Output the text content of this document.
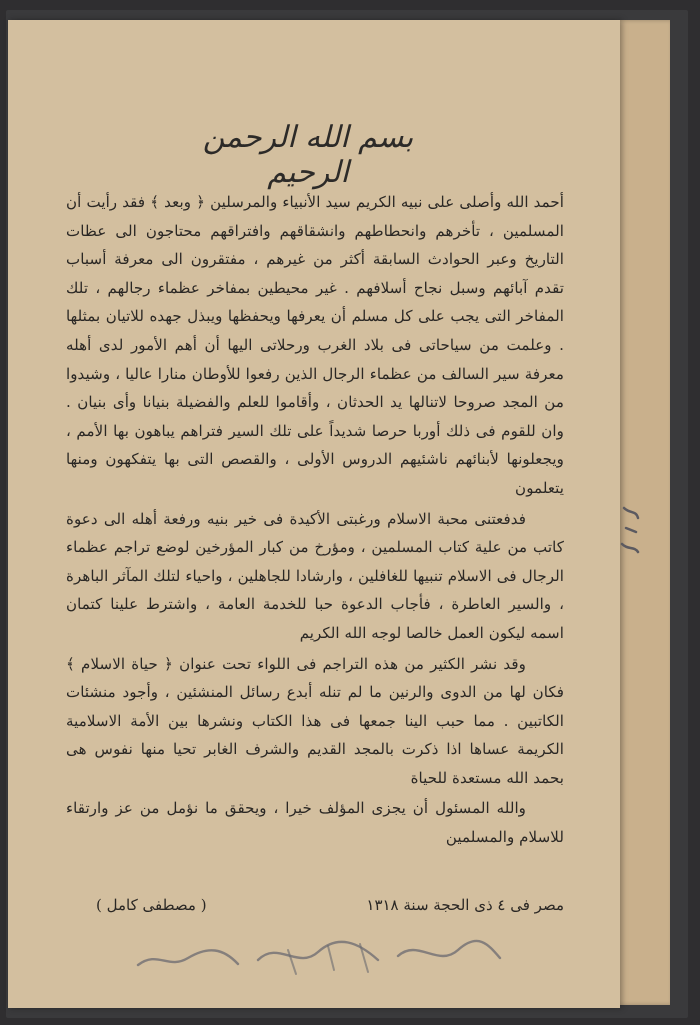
بسم الله الرحمن الرحيم

أحمد الله وأصلى على نبيه الكريم سيد الأنبياء والمرسلين ﴿ وبعد ﴾ فقد رأيت أن المسلمين ، تأخرهم وانحطاطهم وانشقاقهم وافتراقهم محتاجون الى عظات التاريخ وعبر الحوادث السابقة أكثر من غيرهم ، مفتقرون الى معرفة أسباب تقدم آبائهم وسبل نجاح أسلافهم . غير محيطين بمفاخر عظماء رجالهم ، تلك المفاخر التى يجب على كل مسلم أن يعرفها ويحفظها ويبذل جهده للاتيان بمثلها . وعلمت من سياحاتى فى بلاد الغرب ورحلاتى اليها أن أهم الأمور لدى أهله معرفة سير السالف من عظماء الرجال الذين رفعوا للأوطان منارا عاليا ، وشيدوا من المجد صروحا لاتنالها يد الحدثان ، وأقاموا للعلم والفضيلة بنيانا وأى بنيان . وان للقوم فى ذلك أوربا حرصا شديداً على تلك السير فتراهم يباهون بها الأمم ، ويجعلونها لأبنائهم ناشئيهم الدروس الأولى ، والقصص التى بها يتفكهون ومنها يتعلمون

فدفعتنى محبة الاسلام ورغبتى الأكيدة فى خير بنيه ورفعة أهله الى دعوة كاتب من علية كتاب المسلمين ، ومؤرخ من كبار المؤرخين لوضع تراجم عظماء الرجال فى الاسلام تنبيها للغافلين ، وارشادا للجاهلين ، واحياء لتلك المآثر الباهرة ، والسير العاطرة ، فأجاب الدعوة حبا للخدمة العامة ، واشترط علينا كتمان اسمه ليكون العمل خالصا لوجه الله الكريم

وقد نشر الكثير من هذه التراجم فى اللواء تحت عنوان ﴿ حياة الاسلام ﴾ فكان لها من الدوى والرنين ما لم تنله أبدع رسائل المنشئين ، وأجود منشئات الكاتبين . مما حبب الينا جمعها فى هذا الكتاب ونشرها بين الأمة الاسلامية الكريمة عساها اذا ذكرت بالمجد القديم والشرف الغابر تحيا منها نفوس هى بحمد الله مستعدة للحياة

والله المسئول أن يجزى المؤلف خيرا ، ويحقق ما نؤمل من عز وارتقاء للاسلام والمسلمين

مصر فى ٤ ذى الحجة سنة ١٣١٨
( مصطفى كامل )
